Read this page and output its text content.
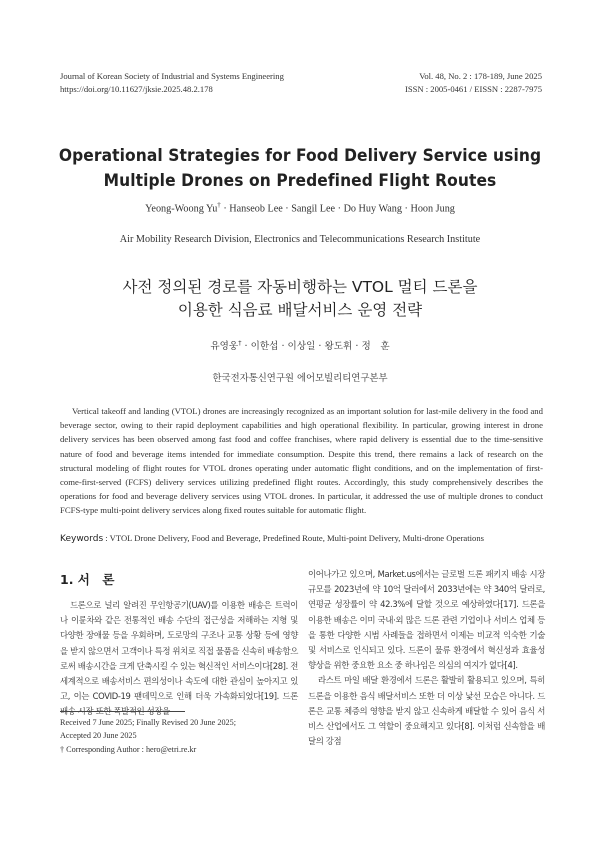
Journal of Korean Society of Industrial and Systems Engineering
https://doi.org/10.11627/jksie.2025.48.2.178
Vol. 48, No. 2 : 178-189, June 2025
ISSN : 2005-0461 / EISSN : 2287-7975
Operational Strategies for Food Delivery Service using
Multiple Drones on Predefined Flight Routes
Yeong-Woong Yu† · Hanseob Lee · Sangil Lee · Do Huy Wang · Hoon Jung
Air Mobility Research Division, Electronics and Telecommunications Research Institute
사전 정의된 경로를 자동비행하는 VTOL 멀티 드론을
이용한 식음료 배달서비스 운영 전략
유영웅† · 이한섭 · 이상일 · 왕도휘 · 정　훈
한국전자통신연구원 에어모빌리티연구본부

Vertical takeoff and landing (VTOL) drones are increasingly recognized as an important solution for last-mile delivery in the food and beverage sector, owing to their rapid deployment capabilities and high operational flexibility. In particular, growing interest in drone delivery services has been observed among fast food and coffee franchises, where rapid delivery is essential due to the time-sensitive nature of food and beverage items intended for immediate consumption. Despite this trend, there remains a lack of research on the structural modeling of flight routes for VTOL drones operating under automatic flight conditions, and on the implementation of first-come-first-served (FCFS) delivery services utilizing predefined flight routes. Accordingly, this study comprehensively describes the operations for food and beverage delivery services using VTOL drones. In particular, it addressed the use of multiple drones to conduct FCFS-type multi-point delivery services along fixed routes suitable for automatic flight.

Keywords : VTOL Drone Delivery, Food and Beverage, Predefined Route, Multi-point Delivery, Multi-drone Operations
1. 서　론

드론으로 널리 알려진 무인항공기(UAV)를 이용한 배송은 트럭이나 이륜차와 같은 전통적인 배송 수단의 접근성을 저해하는 지형 및 다양한 장애물 등을 우회하며, 도로망의 구조나 교통 상황 등에 영향을 받지 않으면서 고객이나 특정 위치로 직접 물품을 신속히 배송함으로써 배송시간을 크게 단축시킬 수 있는 혁신적인 서비스이다[28]. 전 세계적으로 배송서비스 편의성이나 속도에 대한 관심이 높아지고 있고, 이는 COVID-19 팬데믹으로 인해 더욱 가속화되었다[19]. 드론 배송 시장 또한 폭발적인 성장을

Received 7 June 2025; Finally Revised 20 June 2025;
Accepted 20 June 2025
† Corresponding Author : hero@etri.re.kr

이어나가고 있으며, Market.us에서는 글로벌 드론 패키지 배송 시장 규모를 2023년에 약 10억 달러에서 2033년에는 약 340억 달러로, 연평균 성장률이 약 42.3%에 달할 것으로 예상하였다[17]. 드론을 이용한 배송은 이미 국내·외 많은 드론 관련 기업이나 서비스 업체 등을 통한 다양한 시범 사례들을 접하면서 이제는 비교적 익숙한 기술 및 서비스로 인식되고 있다. 드론이 물류 환경에서 혁신성과 효율성 향상을 위한 중요한 요소 중 하나임은 의심의 여지가 없다[4].

라스트 마일 배달 환경에서 드론은 활발히 활용되고 있으며, 특히 드론을 이용한 음식 배달서비스 또한 더 이상 낯선 모습은 아니다. 드론은 교통 체증의 영향을 받지 않고 신속하게 배달할 수 있어 음식 서비스 산업에서도 그 역할이 중요해지고 있다[8]. 이처럼 신속함을 배달의 강점
